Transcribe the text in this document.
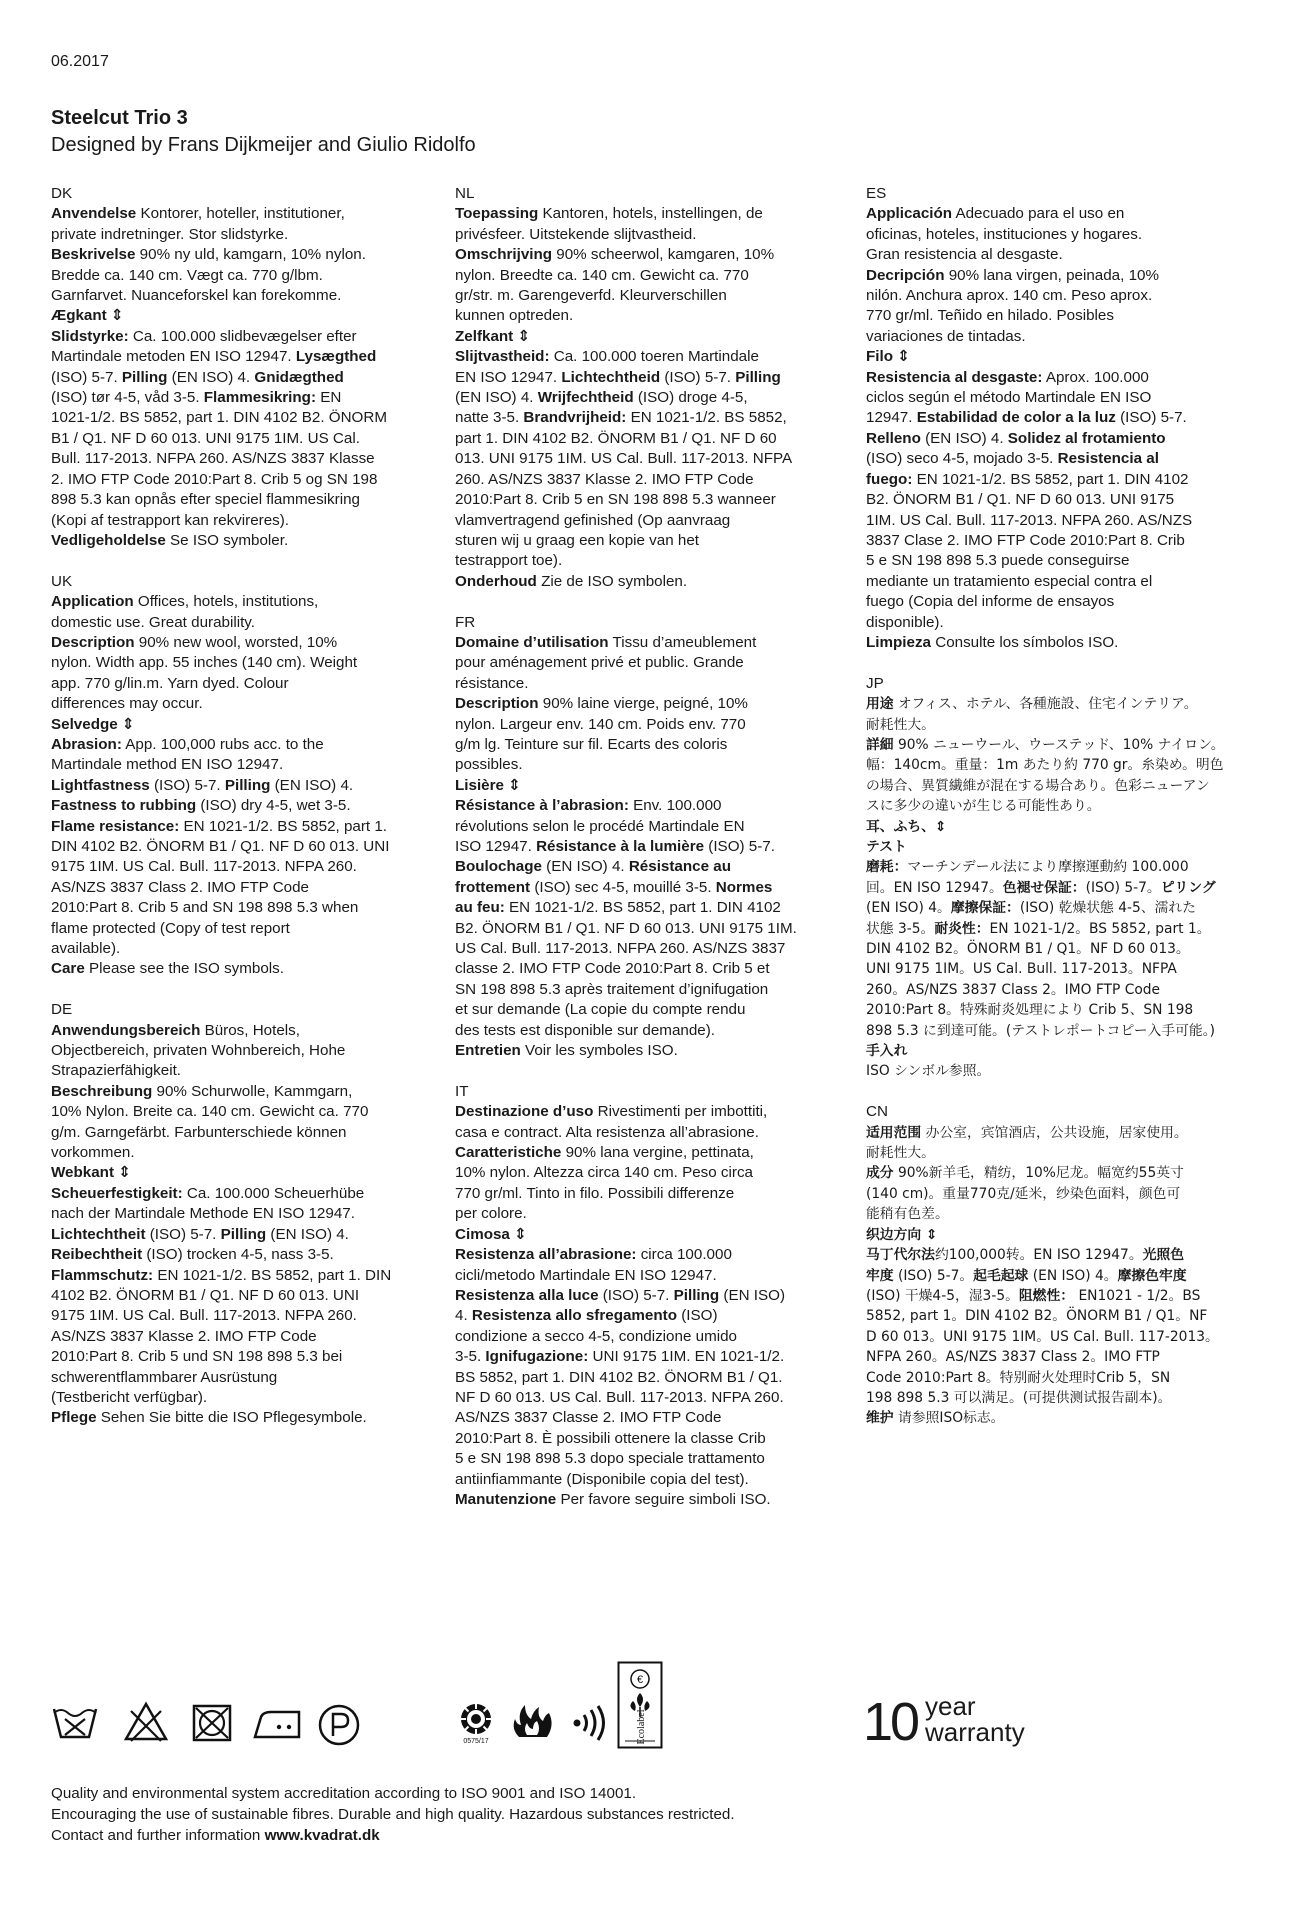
06.2017
Steelcut Trio 3
Designed by Frans Dijkmeijer and Giulio Ridolfo

DK

Anvendelse Kontorer, hoteller, institutioner,

private indretninger. Stor slidstyrke.

Beskrivelse 90% ny uld, kamgarn, 10% nylon.

Bredde ca. 140 cm. Vægt ca. 770 g/lbm.

Garnfarvet. Nuanceforskel kan forekomme.

Ægkant ⇕

Slidstyrke: Ca. 100.000 slidbevægelser efter

Martindale metoden EN ISO 12947. Lysægthed

(ISO) 5-7. Pilling (EN ISO) 4. Gnidægthed

(ISO) tør 4-5, våd 3-5. Flammesikring: EN

1021-1/2. BS 5852, part 1. DIN 4102 B2. ÖNORM

B1 / Q1. NF D 60 013. UNI 9175 1IM. US Cal.

Bull. 117-2013. NFPA 260. AS/NZS 3837 Klasse

2. IMO FTP Code 2010:Part 8. Crib 5 og SN 198

898 5.3 kan opnås efter speciel flammesikring

(Kopi af testrapport kan rekvireres).

Vedligeholdelse Se ISO symboler.

UK

Application Offices, hotels, institutions,

domestic use. Great durability.

Description 90% new wool, worsted, 10%

nylon. Width app. 55 inches (140 cm). Weight

app. 770 g/lin.m. Yarn dyed. Colour

differences may occur.

Selvedge ⇕

Abrasion: App. 100,000 rubs acc. to the

Martindale method EN ISO 12947.

Lightfastness (ISO) 5-7. Pilling (EN ISO) 4.

Fastness to rubbing (ISO) dry 4-5, wet 3-5.

Flame resistance: EN 1021-1/2. BS 5852, part 1.

DIN 4102 B2. ÖNORM B1 / Q1. NF D 60 013. UNI

9175 1IM. US Cal. Bull. 117-2013. NFPA 260.

AS/NZS 3837 Class 2. IMO FTP Code

2010:Part 8. Crib 5 and SN 198 898 5.3 when

flame protected (Copy of test report

available).

Care Please see the ISO symbols.

DE

Anwendungsbereich Büros, Hotels,

Objectbereich, privaten Wohnbereich, Hohe

Strapazierfähigkeit.

Beschreibung 90% Schurwolle, Kammgarn,

10% Nylon. Breite ca. 140 cm. Gewicht ca. 770

g/m. Garngefärbt. Farbunterschiede können

vorkommen.

Webkant ⇕

Scheuerfestigkeit: Ca. 100.000 Scheuerhübe

nach der Martindale Methode EN ISO 12947.

Lichtechtheit (ISO) 5-7. Pilling (EN ISO) 4.

Reibechtheit (ISO) trocken 4-5, nass 3-5.

Flammschutz: EN 1021-1/2. BS 5852, part 1. DIN

4102 B2. ÖNORM B1 / Q1. NF D 60 013. UNI

9175 1IM. US Cal. Bull. 117-2013. NFPA 260.

AS/NZS 3837 Klasse 2. IMO FTP Code

2010:Part 8. Crib 5 und SN 198 898 5.3 bei

schwerentflammbarer Ausrüstung

(Testbericht verfügbar).

Pflege Sehen Sie bitte die ISO Pflegesymbole.

NL

Toepassing Kantoren, hotels, instellingen, de

privésfeer. Uitstekende slijtvastheid.

Omschrijving 90% scheerwol, kamgaren, 10%

nylon. Breedte ca. 140 cm. Gewicht ca. 770

gr/str. m. Garengeverfd. Kleurverschillen

kunnen optreden.

Zelfkant ⇕

Slijtvastheid: Ca. 100.000 toeren Martindale

EN ISO 12947. Lichtechtheid (ISO) 5-7. Pilling

(EN ISO) 4. Wrijfechtheid (ISO) droge 4-5,

natte 3-5. Brandvrijheid: EN 1021-1/2. BS 5852,

part 1. DIN 4102 B2. ÖNORM B1 / Q1. NF D 60

013. UNI 9175 1IM. US Cal. Bull. 117-2013. NFPA

260. AS/NZS 3837 Klasse 2. IMO FTP Code

2010:Part 8. Crib 5 en SN 198 898 5.3 wanneer

vlamvertragend gefinished (Op aanvraag

sturen wij u graag een kopie van het

testrapport toe).

Onderhoud Zie de ISO symbolen.

FR

Domaine d’utilisation Tissu d’ameublement

pour aménagement privé et public. Grande

résistance.

Description 90% laine vierge, peigné, 10%

nylon. Largeur env. 140 cm. Poids env. 770

g/m lg. Teinture sur fil. Ecarts des coloris

possibles.

Lisière ⇕

Résistance à l’abrasion: Env. 100.000

révolutions selon le procédé Martindale EN

ISO 12947. Résistance à la lumière (ISO) 5-7.

Boulochage (EN ISO) 4. Résistance au

frottement (ISO) sec 4-5, mouillé 3-5. Normes

au feu: EN 1021-1/2. BS 5852, part 1. DIN 4102

B2. ÖNORM B1 / Q1. NF D 60 013. UNI 9175 1IM.

US Cal. Bull. 117-2013. NFPA 260. AS/NZS 3837

classe 2. IMO FTP Code 2010:Part 8. Crib 5 et

SN 198 898 5.3 après traitement d’ignifugation

et sur demande (La copie du compte rendu

des tests est disponible sur demande).

Entretien Voir les symboles ISO.

IT

Destinazione d’uso Rivestimenti per imbottiti,

casa e contract. Alta resistenza all’abrasione.

Caratteristiche 90% lana vergine, pettinata,

10% nylon. Altezza circa 140 cm. Peso circa

770 gr/ml. Tinto in filo. Possibili differenze

per colore.

Cimosa ⇕

Resistenza all’abrasione: circa 100.000

cicli/metodo Martindale EN ISO 12947.

Resistenza alla luce (ISO) 5-7. Pilling (EN ISO)

4. Resistenza allo sfregamento (ISO)

condizione a secco 4-5, condizione umido

3-5. Ignifugazione: UNI 9175 1IM. EN 1021-1/2.

BS 5852, part 1. DIN 4102 B2. ÖNORM B1 / Q1.

NF D 60 013. US Cal. Bull. 117-2013. NFPA 260.

AS/NZS 3837 Classe 2. IMO FTP Code

2010:Part 8. È possibili ottenere la classe Crib

5 e SN 198 898 5.3 dopo speciale trattamento

antiinfiammante (Disponibile copia del test).

Manutenzione Per favore seguire simboli ISO.

ES

Applicación Adecuado para el uso en

oficinas, hoteles, instituciones y hogares.

Gran resistencia al desgaste.

Decripción 90% lana virgen, peinada, 10%

nilón. Anchura aprox. 140 cm. Peso aprox.

770 gr/ml. Teñido en hilado. Posibles

variaciones de tintadas.

Filo ⇕

Resistencia al desgaste: Aprox. 100.000

ciclos según el método Martindale EN ISO

12947. Estabilidad de color a la luz (ISO) 5-7.

Relleno (EN ISO) 4. Solidez al frotamiento

(ISO) seco 4-5, mojado 3-5. Resistencia al

fuego: EN 1021-1/2. BS 5852, part 1. DIN 4102

B2. ÖNORM B1 / Q1. NF D 60 013. UNI 9175

1IM. US Cal. Bull. 117-2013. NFPA 260. AS/NZS

3837 Clase 2. IMO FTP Code 2010:Part 8. Crib

5 e SN 198 898 5.3 puede conseguirse

mediante un tratamiento especial contra el

fuego (Copia del informe de ensayos

disponible).

Limpieza Consulte los símbolos ISO.

JP

用途 オフィス、ホテル、各種施設、住宅インテリア。

耐耗性大。

詳細 90% ニューウール、ウーステッド、10% ナイロン。

幅：140cm。重量：1m あたり約 770 gr。糸染め。明色

の場合、異質繊維が混在する場合あり。色彩ニューアン

スに多少の違いが生じる可能性あり。

耳、ふち、⇕

テスト

磨耗：マーチンデール法により摩擦運動約 100.000

回。EN ISO 12947。色褪せ保証：(ISO) 5-7。ピリング

(EN ISO) 4。摩擦保証：(ISO) 乾燥状態 4-5、濡れた

状態 3-5。耐炎性：EN 1021-1/2。BS 5852, part 1。

DIN 4102 B2。ÖNORM B1 / Q1。NF D 60 013。

UNI 9175 1IM。US Cal. Bull. 117-2013。NFPA

260。AS/NZS 3837 Class 2。IMO FTP Code

2010:Part 8。特殊耐炎処理により Crib 5、SN 198

898 5.3 に到達可能。(テストレポートコピー入手可能。)

手入れ

ISO シンボル参照。

CN

适用范围 办公室，宾馆酒店，公共设施，居家使用。

耐耗性大。

成分 90%新羊毛，精纺，10%尼龙。幅宽约55英寸

(140 cm)。重量770克/延米，纱染色面料，颜色可

能稍有色差。

织边方向 ⇕

马丁代尔法约100,000转。EN ISO 12947。光照色

牢度 (ISO) 5-7。起毛起球 (EN ISO) 4。摩擦色牢度

(ISO) 干燥4-5，湿3-5。阻燃性： EN1021 - 1/2。BS

5852, part 1。DIN 4102 B2。ÖNORM B1 / Q1。NF

D 60 013。UNI 9175 1IM。US Cal. Bull. 117-2013。

NFPA 260。AS/NZS 3837 Class 2。IMO FTP

Code 2010:Part 8。特别耐火处理时Crib 5，SN

198 898 5.3 可以满足。(可提供测试报告副本)。

维护 请参照ISO标志。

0575/17
€
Ecolabel	10 year
warranty

Quality and environmental system accreditation according to ISO 9001 and ISO 14001.

Encouraging the use of sustainable fibres. Durable and high quality. Hazardous substances restricted.

Contact and further information www.kvadrat.dk
